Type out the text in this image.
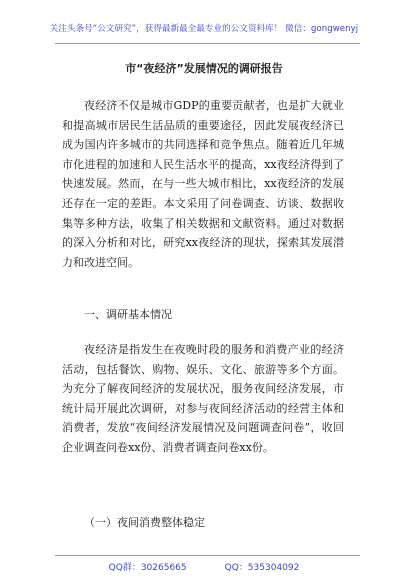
关注头条号“公文研究”，获得最新最全最专业的公文资料库！ 微信：gongwenyj
市“夜经济”发展情况的调研报告

夜经济不仅是城市GDP的重要贡献者，也是扩大就业和提高城市居民生活品质的重要途径，因此发展夜经济已成为国内许多城市的共同选择和竞争焦点。随着近几年城市化进程的加速和人民生活水平的提高，xx夜经济得到了快速发展。然而，在与一些大城市相比，xx夜经济的发展还存在一定的差距。本文采用了问卷调查、访谈、数据收集等多种方法，收集了相关数据和文献资料。通过对数据的深入分析和对比，研究xx夜经济的现状，探索其发展潜力和改进空间。

一、调研基本情况

夜经济是指发生在夜晚时段的服务和消费产业的经济活动，包括餐饮、购物、娱乐、文化、旅游等多个方面。为充分了解夜间经济的发展状况，服务夜间经济发展，市统计局开展此次调研，对参与夜间经济活动的经营主体和消费者，发放“夜间经济发展情况及问题调查问卷”，收回企业调查问卷xx份、消费者调查问卷xx份。

（一）夜间消费整体稳定

QQ群：30265665	QQ：535304092
